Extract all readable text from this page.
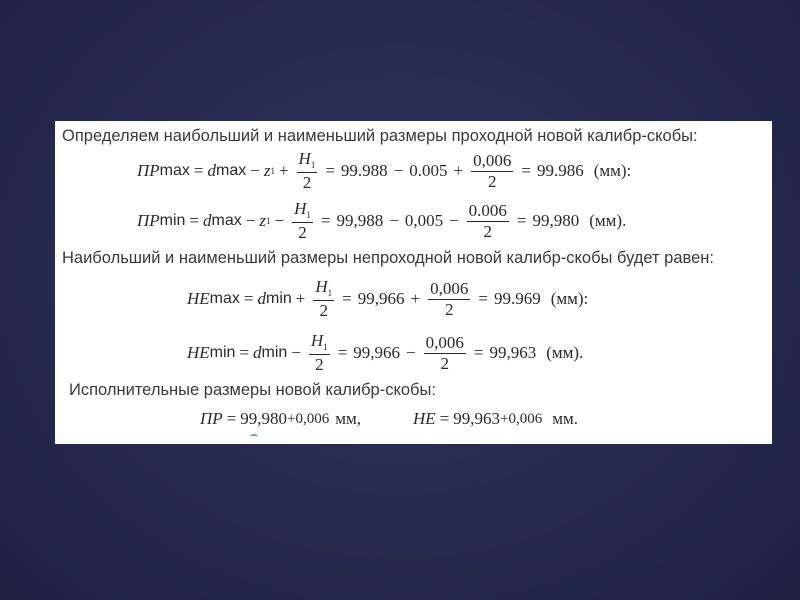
Определяем наибольший и наименьший размеры проходной новой калибр-скобы:
ПР max = d max − z $1 + \frac{H_1}{2} = 99.988 - 0.005 + \frac{0,006}{2} = 99.986$ (мм):
ПР min = d max − z $1 - \frac{H_1}{2} = 99,988 - 0,005 - \frac{0.006}{2} = 99,980$ (мм).
Наибольший и наименьший размеры непроходной новой калибр-скобы будет равен:
НЕ max = d $\min + \frac{H_1}{2} = 99,966 + \frac{0,006}{2} = 99.969$ (мм):
НЕ min = d $\min - \frac{H_1}{2} = 99,966 - \frac{0,006}{2} = 99,963$ (мм).
Исполнительные размеры новой калибр-скобы:
ПР = 99,980 +0,006 мм,	НЕ = 99,963 +0,006 мм.
